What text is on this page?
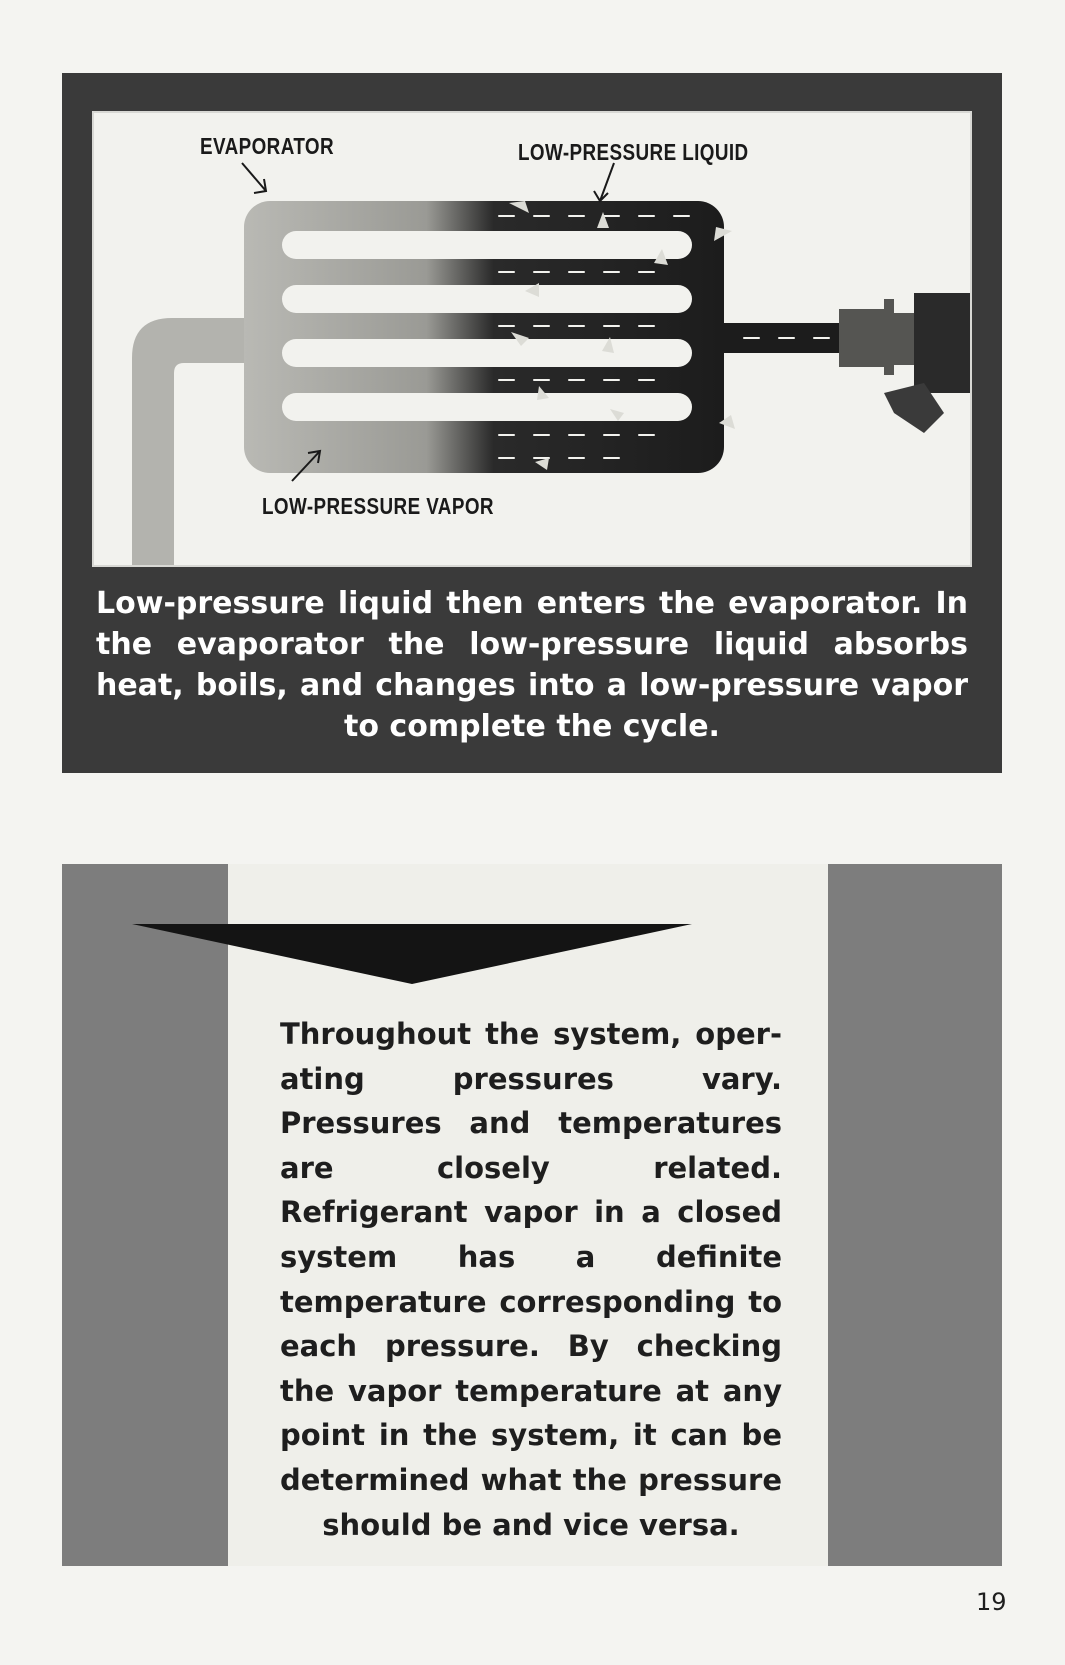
EVAPORATOR	LOW-PRESSURE LIQUID
LOW-PRESSURE VAPOR

Low-pressure liquid then enters the evaporator. In the evaporator the low-pressure liquid absorbs heat, boils, and changes into a low-pressure vapor to complete the cycle.

Throughout the system, operating pressures vary. Pressures and temperatures are closely related. Refrigerant vapor in a closed system has a definite temperature corresponding to each pressure. By checking the vapor temperature at any point in the system, it can be determined what the pressure should be and vice versa.

19
